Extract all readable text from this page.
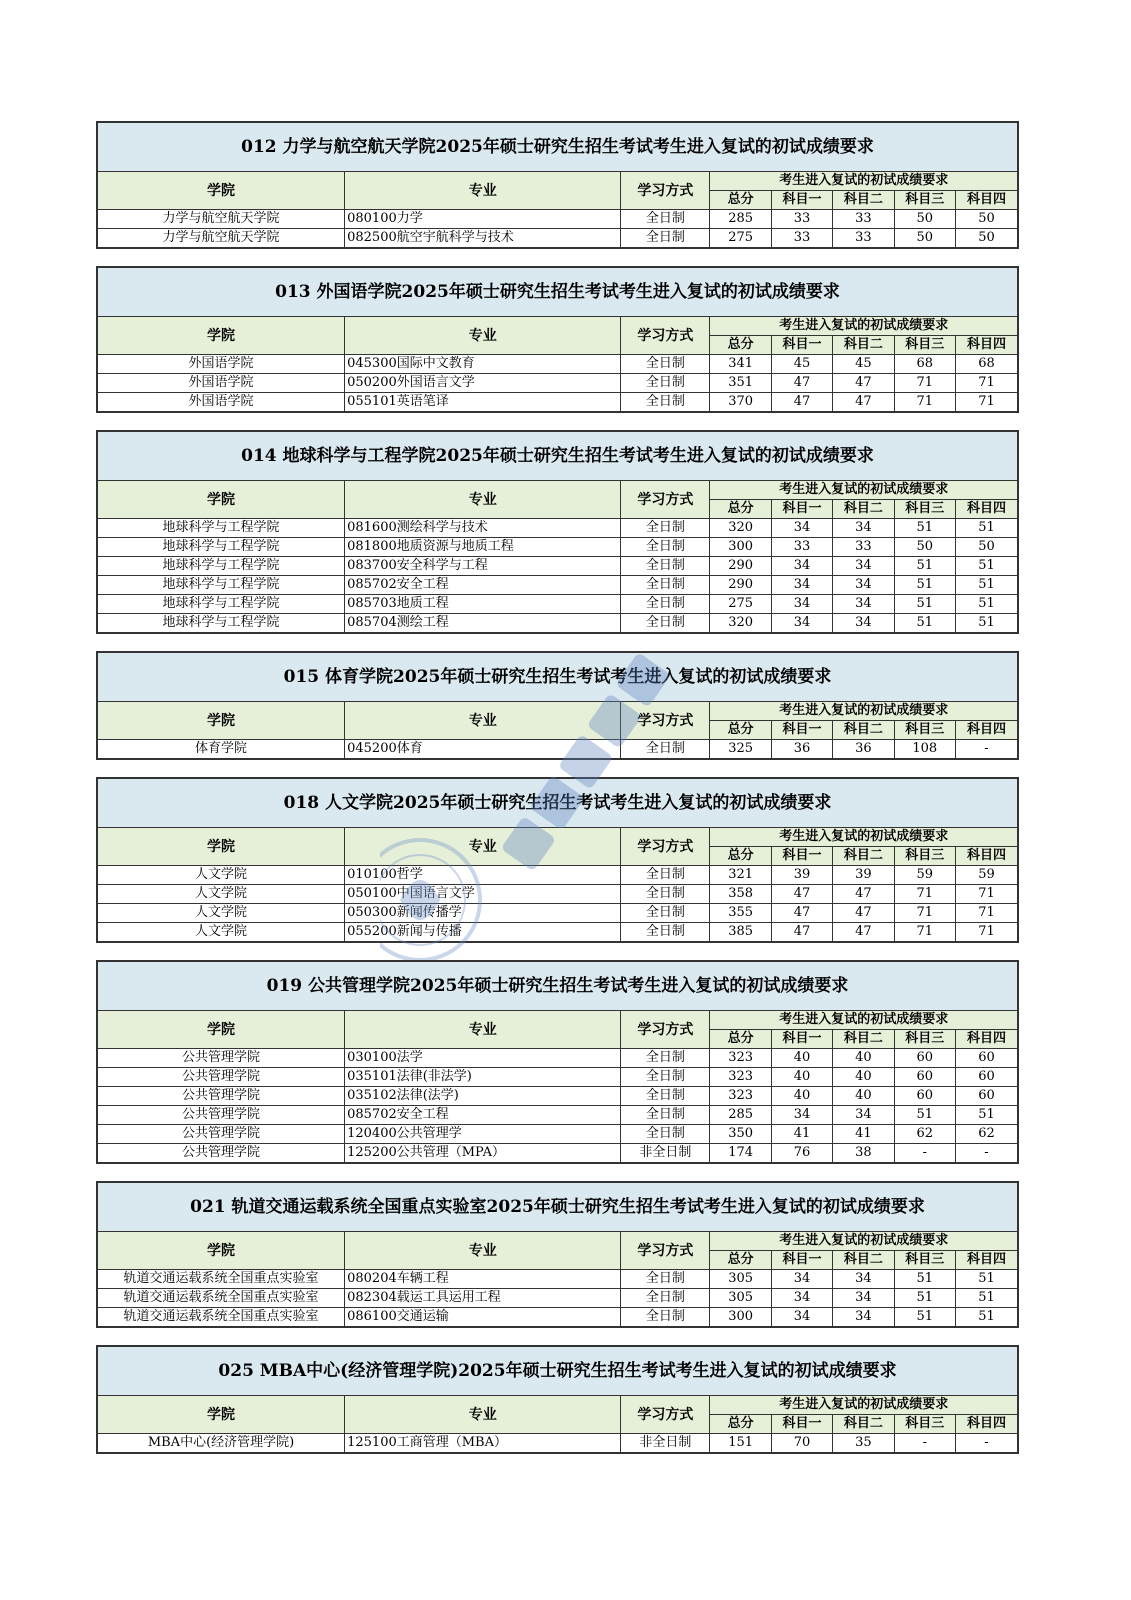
012 力学与航空航天学院2025年硕士研究生招生考试考生进入复试的初试成绩要求
学院	专业	学习方式	考生进入复试的初试成绩要求				
			总分	科目一	科目二	科目三	科目四
力学与航空航天学院	080100力学	全日制	285	33	33	50	50
力学与航空航天学院	082500航空宇航科学与技术	全日制	275	33	33	50	50
013 外国语学院2025年硕士研究生招生考试考生进入复试的初试成绩要求
学院	专业	学习方式	考生进入复试的初试成绩要求				
			总分	科目一	科目二	科目三	科目四
外国语学院	045300国际中文教育	全日制	341	45	45	68	68
外国语学院	050200外国语言文学	全日制	351	47	47	71	71
外国语学院	055101英语笔译	全日制	370	47	47	71	71
014 地球科学与工程学院2025年硕士研究生招生考试考生进入复试的初试成绩要求
学院	专业	学习方式	考生进入复试的初试成绩要求				
			总分	科目一	科目二	科目三	科目四
地球科学与工程学院	081600测绘科学与技术	全日制	320	34	34	51	51
地球科学与工程学院	081800地质资源与地质工程	全日制	300	33	33	50	50
地球科学与工程学院	083700安全科学与工程	全日制	290	34	34	51	51
地球科学与工程学院	085702安全工程	全日制	290	34	34	51	51
地球科学与工程学院	085703地质工程	全日制	275	34	34	51	51
地球科学与工程学院	085704测绘工程	全日制	320	34	34	51	51
015 体育学院2025年硕士研究生招生考试考生进入复试的初试成绩要求
学院	专业	学习方式	考生进入复试的初试成绩要求				
			总分	科目一	科目二	科目三	科目四
体育学院	045200体育	全日制	325	36	36	108	-
018 人文学院2025年硕士研究生招生考试考生进入复试的初试成绩要求
学院	专业	学习方式	考生进入复试的初试成绩要求				
			总分	科目一	科目二	科目三	科目四
人文学院	010100哲学	全日制	321	39	39	59	59
人文学院	050100中国语言文学	全日制	358	47	47	71	71
人文学院	050300新闻传播学	全日制	355	47	47	71	71
人文学院	055200新闻与传播	全日制	385	47	47	71	71
019 公共管理学院2025年硕士研究生招生考试考生进入复试的初试成绩要求
学院	专业	学习方式	考生进入复试的初试成绩要求				
			总分	科目一	科目二	科目三	科目四
公共管理学院	030100法学	全日制	323	40	40	60	60
公共管理学院	035101法律(非法学)	全日制	323	40	40	60	60
公共管理学院	035102法律(法学)	全日制	323	40	40	60	60
公共管理学院	085702安全工程	全日制	285	34	34	51	51
公共管理学院	120400公共管理学	全日制	350	41	41	62	62
公共管理学院	125200公共管理（MPA）	非全日制	174	76	38	-	-
021 轨道交通运载系统全国重点实验室2025年硕士研究生招生考试考生进入复试的初试成绩要求
学院	专业	学习方式	考生进入复试的初试成绩要求				
			总分	科目一	科目二	科目三	科目四
轨道交通运载系统全国重点实验室	080204车辆工程	全日制	305	34	34	51	51
轨道交通运载系统全国重点实验室	082304载运工具运用工程	全日制	305	34	34	51	51
轨道交通运载系统全国重点实验室	086100交通运输	全日制	300	34	34	51	51
025 MBA中心(经济管理学院)2025年硕士研究生招生考试考生进入复试的初试成绩要求
学院	专业	学习方式	考生进入复试的初试成绩要求				
			总分	科目一	科目二	科目三	科目四
MBA中心(经济管理学院)	125100工商管理（MBA）	非全日制	151	70	35	-	-
